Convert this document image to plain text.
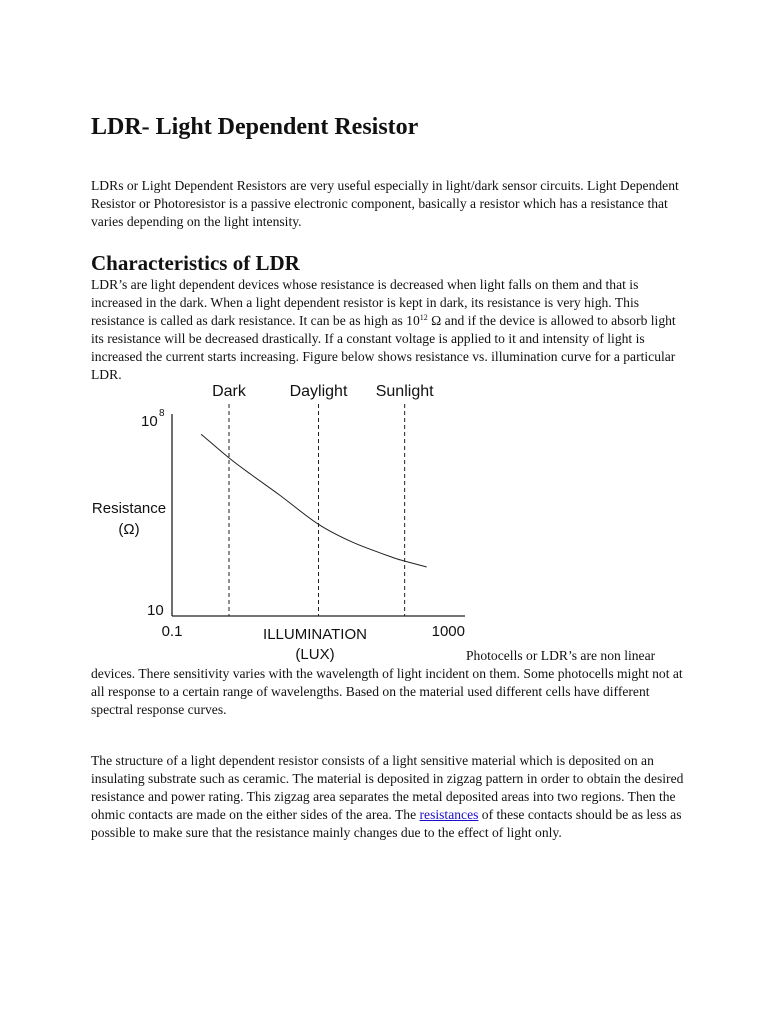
LDR- Light Dependent Resistor

LDRs or Light Dependent Resistors are very useful especially in light/dark sensor circuits. Light Dependent Resistor or Photoresistor is a passive electronic component, basically a resistor which has a resistance that varies depending on the light intensity.

Characteristics of LDR

LDR’s are light dependent devices whose resistance is decreased when light falls on them and that is increased in the dark. When a light dependent resistor is kept in dark, its resistance is very high. This resistance is called as dark resistance. It can be as high as $10^{12}$ Ω and if the device is allowed to absorb light its resistance will be decreased drastically. If a constant voltage is applied to it and intensity of light is increased the current starts increasing. Figure below shows resistance vs. illumination curve for a particular LDR.

Dark	Daylight Sunlight
0.1	1000
10 8
10
Resistance
(Ω)
ILLUMINATION
(LUX)	Photocells or LDR’s are non linear
devices. There sensitivity varies with the wavelength of light incident on them. Some photocells might not at all response to a certain range of wavelengths. Based on the material used different cells have different spectral response curves.

The structure of a light dependent resistor consists of a light sensitive material which is deposited on an insulating substrate such as ceramic. The material is deposited in zigzag pattern in order to obtain the desired resistance and power rating. This zigzag area separates the metal deposited areas into two regions. Then the ohmic contacts are made on the either sides of the area. The resistances of these contacts should be as less as possible to make sure that the resistance mainly changes due to the effect of light only.
